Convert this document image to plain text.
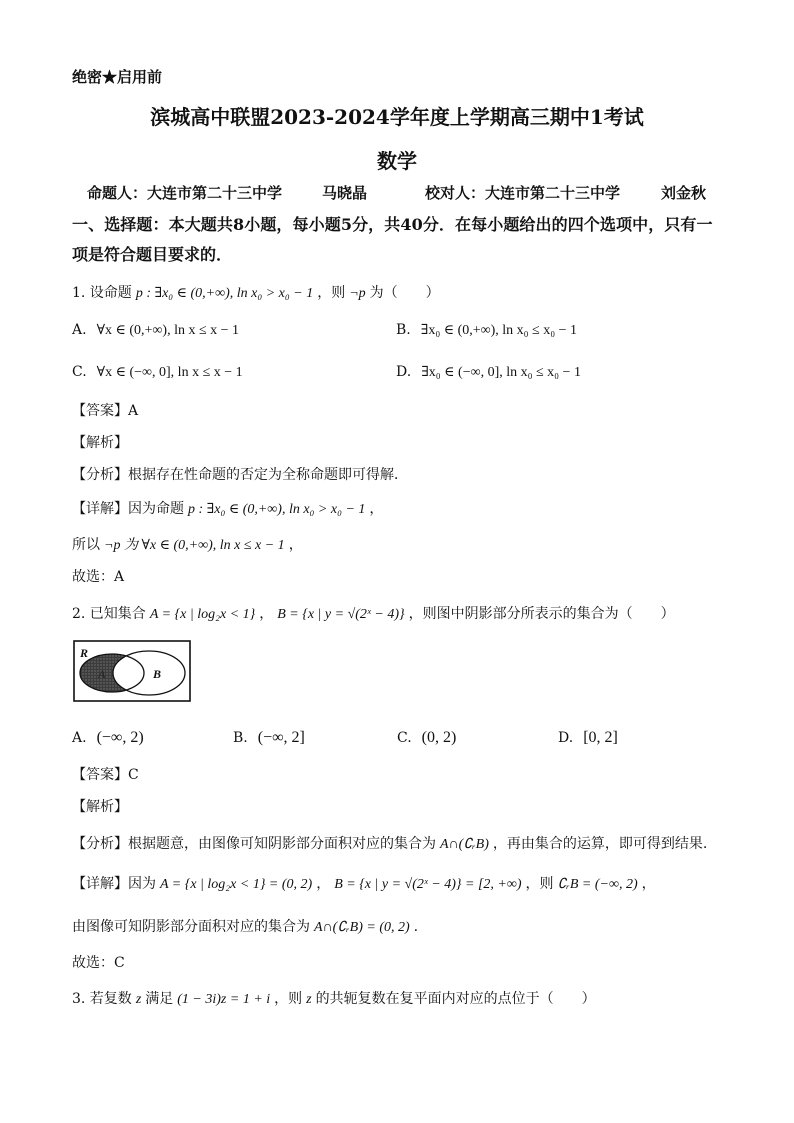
绝密★启用前
滨城高中联盟2023-2024学年度上学期高三期中1考试
数学
命题人：大连市第二十三中学	马晓晶	校对人：大连市第二十三中学	刘金秋
一、选择题：本大题共8小题，每小题5分，共40分．在每小题给出的四个选项中，只有一
项是符合题目要求的．
1. 设命题 p : ∃x₀ ∈ (0,+∞), ln x₀ > x₀ − 1 ，则 ¬p 为（　　）
A. ∀x ∈ (0,+∞), ln x ≤ x − 1	B. ∃x₀ ∈ (0,+∞), ln x₀ ≤ x₀ − 1
C. ∀x ∈ (−∞, 0], ln x ≤ x − 1	D. ∃x₀ ∈ (−∞, 0], ln x₀ ≤ x₀ − 1
【答案】A
【解析】
【分析】根据存在性命题的否定为全称命题即可得解．
【详解】因为命题 p : ∃x₀ ∈ (0,+∞), ln x₀ > x₀ − 1 ，
所以 ¬p 为 ∀x ∈ (0,+∞), ln x ≤ x − 1 ，
故选：A
2. 已知集合 A = {x | log₂x < 1} ， B = {x | y = √(2ˣ − 4)} ，则图中阴影部分所表示的集合为（　　）
R
A	B
A. (−∞, 2)	B. (−∞, 2]	C. (0, 2)	D. [0, 2]
【答案】C
【解析】
【分析】根据题意，由图像可知阴影部分面积对应的集合为 A∩(∁ᵣB) ，再由集合的运算，即可得到结果.
【详解】因为 A = {x | log₂x < 1} = (0, 2) ， B = {x | y = √(2ˣ − 4)} = [2, +∞) ，则 ∁ᵣB = (−∞, 2) ，
由图像可知阴影部分面积对应的集合为 A∩(∁ᵣB) = (0, 2) .
故选：C
3. 若复数 z 满足 (1 − 3i)z = 1 + i ，则 z 的共轭复数在复平面内对应的点位于（　　）
